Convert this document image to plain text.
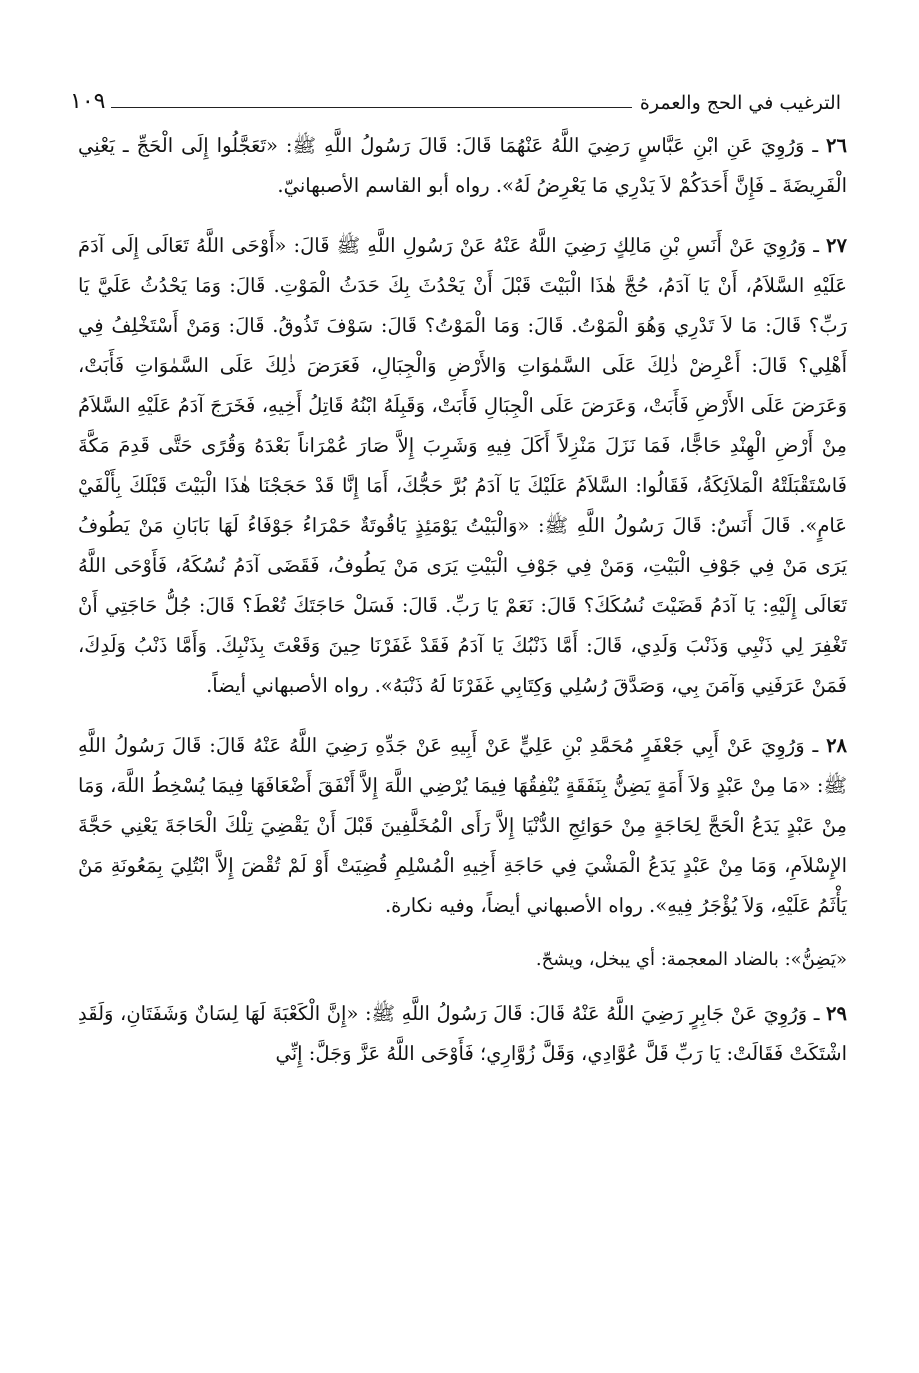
الترغيب في الحج والعمرة
١٠٩

٢٦ ـ وَرُوِيَ عَنِ ابْنِ عَبَّاسٍ رَضِيَ اللَّهُ عَنْهُمَا قَالَ: قَالَ رَسُولُ اللَّهِ ﷺ: «تَعَجَّلُوا إِلَى الْحَجِّ ـ يَعْنِي الْفَرِيضَةَ ـ فَإِنَّ أَحَدَكُمْ لاَ يَدْرِي مَا يَعْرِضُ لَهُ». رواه أبو القاسم الأصبهانيّ.

٢٧ ـ وَرُوِيَ عَنْ أَنَسِ بْنِ مَالِكٍ رَضِيَ اللَّهُ عَنْهُ عَنْ رَسُولِ اللَّهِ ﷺ قَالَ: «أَوْحَى اللَّهُ تَعَالَى إِلَى آدَمَ عَلَيْهِ السَّلاَمُ، أَنْ يَا آدَمُ، حُجَّ هٰذَا الْبَيْتَ قَبْلَ أَنْ يَحْدُثَ بِكَ حَدَثُ الْمَوْتِ. قَالَ: وَمَا يَحْدُثُ عَلَيَّ يَا رَبِّ؟ قَالَ: مَا لاَ تَدْرِي وَهُوَ الْمَوْتُ. قَالَ: وَمَا الْمَوْتُ؟ قَالَ: سَوْفَ تَذُوقُ. قَالَ: وَمَنْ أَسْتَخْلِفُ فِي أَهْلِي؟ قَالَ: أَعْرِضْ ذٰلِكَ عَلَى السَّمٰوَاتِ وَالأَرْضِ وَالْجِبَالِ، فَعَرَضَ ذٰلِكَ عَلَى السَّمٰوَاتِ فَأَبَتْ، وَعَرَضَ عَلَى الأَرْضِ فَأَبَتْ، وَعَرَضَ عَلَى الْجِبَالِ فَأَبَتْ، وَقَبِلَهُ ابْنُهُ قَاتِلُ أَخِيهِ، فَخَرَجَ آدَمُ عَلَيْهِ السَّلاَمُ مِنْ أَرْضِ الْهِنْدِ حَاجًّا، فَمَا نَزَلَ مَنْزِلاً أَكَلَ فِيهِ وَشَرِبَ إِلاَّ صَارَ عُمْرَاناً بَعْدَهُ وَقُرًى حَتَّى قَدِمَ مَكَّةَ فَاسْتَقْبَلَتْهُ الْمَلاَئِكَةُ، فَقَالُوا: السَّلاَمُ عَلَيْكَ يَا آدَمُ بُرَّ حَجُّكَ، أَمَا إِنَّا قَدْ حَجَجْنَا هٰذَا الْبَيْتَ قَبْلَكَ بِأَلْفَيْ عَامٍ». قَالَ أَنَسٌ: قَالَ رَسُولُ اللَّهِ ﷺ: «وَالْبَيْتُ يَوْمَئِذٍ يَاقُوتَةٌ حَمْرَاءُ جَوْفَاءُ لَهَا بَابَانِ مَنْ يَطُوفُ يَرَى مَنْ فِي جَوْفِ الْبَيْتِ، وَمَنْ فِي جَوْفِ الْبَيْتِ يَرَى مَنْ يَطُوفُ، فَقَضَى آدَمُ نُسُكَهُ، فَأَوْحَى اللَّهُ تَعَالَى إِلَيْهِ: يَا آدَمُ قَضَيْتَ نُسُكَكَ؟ قَالَ: نَعَمْ يَا رَبِّ. قَالَ: فَسَلْ حَاجَتَكَ تُعْطَ؟ قَالَ: جُلُّ حَاجَتِي أَنْ تَغْفِرَ لِي ذَنْبِي وَذَنْبَ وَلَدِي، قَالَ: أَمَّا ذَنْبُكَ يَا آدَمُ فَقَدْ غَفَرْنَا حِينَ وَقَعْتَ بِذَنْبِكَ. وَأَمَّا ذَنْبُ وَلَدِكَ، فَمَنْ عَرَفَنِي وَآمَنَ بِي، وَصَدَّقَ رُسُلِي وَكِتَابِي غَفَرْنَا لَهُ ذَنْبَهُ». رواه الأصبهاني أيضاً.

٢٨ ـ وَرُوِيَ عَنْ أَبِي جَعْفَرٍ مُحَمَّدِ بْنِ عَلِيٍّ عَنْ أَبِيهِ عَنْ جَدِّهِ رَضِيَ اللَّهُ عَنْهُ قَالَ: قَالَ رَسُولُ اللَّهِ ﷺ: «مَا مِنْ عَبْدٍ وَلاَ أَمَةٍ يَضِنُّ بِنَفَقَةٍ يُنْفِقُهَا فِيمَا يُرْضِي اللَّهَ إِلاَّ أَنْفَقَ أَضْعَافَهَا فِيمَا يُسْخِطُ اللَّهَ، وَمَا مِنْ عَبْدٍ يَدَعُ الْحَجَّ لِحَاجَةٍ مِنْ حَوَائِجِ الدُّنْيَا إِلاَّ رَأَى الْمُخَلَّفِينَ قَبْلَ أَنْ يَقْضِيَ تِلْكَ الْحَاجَةَ يَعْنِي حَجَّةَ الإِسْلاَمِ، وَمَا مِنْ عَبْدٍ يَدَعُ الْمَشْيَ فِي حَاجَةِ أَخِيهِ الْمُسْلِمِ قُضِيَتْ أَوْ لَمْ تُقْضَ إِلاَّ ابْتُلِيَ بِمَعُونَةِ مَنْ يَأْثَمُ عَلَيْهِ، وَلاَ يُؤْجَرُ فِيهِ». رواه الأصبهاني أيضاً، وفيه نكارة.

«يَضِنُّ»: بالضاد المعجمة: أي يبخل، ويشحّ.

٢٩ ـ وَرُوِيَ عَنْ جَابِرٍ رَضِيَ اللَّهُ عَنْهُ قَالَ: قَالَ رَسُولُ اللَّهِ ﷺ: «إِنَّ الْكَعْبَةَ لَهَا لِسَانٌ وَشَفَتَانِ، وَلَقَدِ اشْتَكَتْ فَقَالَتْ: يَا رَبِّ قَلَّ عُوَّادِي، وَقَلَّ زُوَّارِي؛ فَأَوْحَى اللَّهُ عَزَّ وَجَلَّ: إِنِّي
